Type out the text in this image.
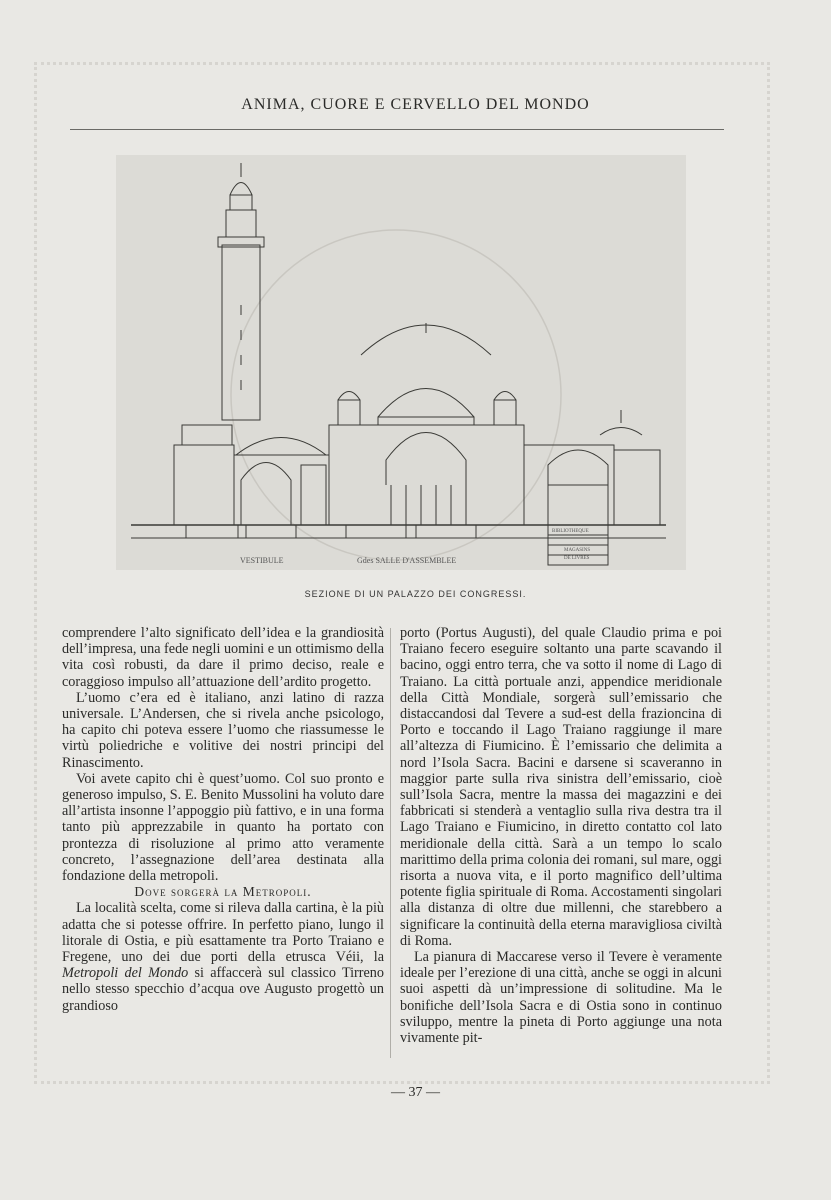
ANIMA, CUORE E CERVELLO DEL MONDO
VESTIBULE	Gdes SALLE D'ASSEMBLEE
BIBLIOTHEQUE
MAGASINS
DE LIVRES
SEZIONE DI UN PALAZZO DEI CONGRESSI.

comprendere l’alto significato dell’idea e la grandiosità dell’impresa, una fede negli uomini e un ottimismo della vita così robusti, da dare il primo deciso, reale e coraggioso impulso all’attuazione dell’ardito progetto.

L’uomo c’era ed è italiano, anzi latino di razza universale. L’Andersen, che si rivela anche psicologo, ha capito chi poteva essere l’uomo che riassumesse le virtù poliedriche e volitive dei nostri principi del Rinascimento.

Voi avete capito chi è quest’uomo. Col suo pronto e generoso impulso, S. E. Benito Mussolini ha voluto dare all’artista insonne l’appoggio più fattivo, e in una forma tanto più apprezzabile in quanto ha portato con prontezza di risoluzione al primo atto veramente concreto, l’assegnazione dell’area destinata alla fondazione della metropoli.

Dove sorgerà la Metropoli.

La località scelta, come si rileva dalla cartina, è la più adatta che si potesse offrire. In perfetto piano, lungo il litorale di Ostia, e più esattamente tra Porto Traiano e Fregene, uno dei due porti della etrusca Véii, la Metropoli del Mondo si affaccerà sul classico Tirreno nello stesso specchio d’acqua ove Augusto progettò un grandioso

porto (Portus Augusti), del quale Claudio prima e poi Traiano fecero eseguire soltanto una parte scavando il bacino, oggi entro terra, che va sotto il nome di Lago di Traiano. La città portuale anzi, appendice meridionale della Città Mondiale, sorgerà sull’emissario che distaccandosi dal Tevere a sud-est della frazioncina di Porto e toccando il Lago Traiano raggiunge il mare all’altezza di Fiumicino. È l’emissario che delimita a nord l’Isola Sacra. Bacini e darsene si scaveranno in maggior parte sulla riva sinistra dell’emissario, cioè sull’Isola Sacra, mentre la massa dei magazzini e dei fabbricati si stenderà a ventaglio sulla riva destra tra il Lago Traiano e Fiumicino, in diretto contatto col lato meridionale della città. Sarà a un tempo lo scalo marittimo della prima colonia dei romani, sul mare, oggi risorta a nuova vita, e il porto magnifico dell’ultima potente figlia spirituale di Roma. Accostamenti singolari alla distanza di oltre due millenni, che starebbero a significare la continuità della eterna maravigliosa civiltà di Roma.

La pianura di Maccarese verso il Tevere è veramente ideale per l’erezione di una città, anche se oggi in alcuni suoi aspetti dà un’impressione di solitudine. Ma le bonifiche dell’Isola Sacra e di Ostia sono in continuo sviluppo, mentre la pineta di Porto aggiunge una nota vivamente pit-

— 37 —
